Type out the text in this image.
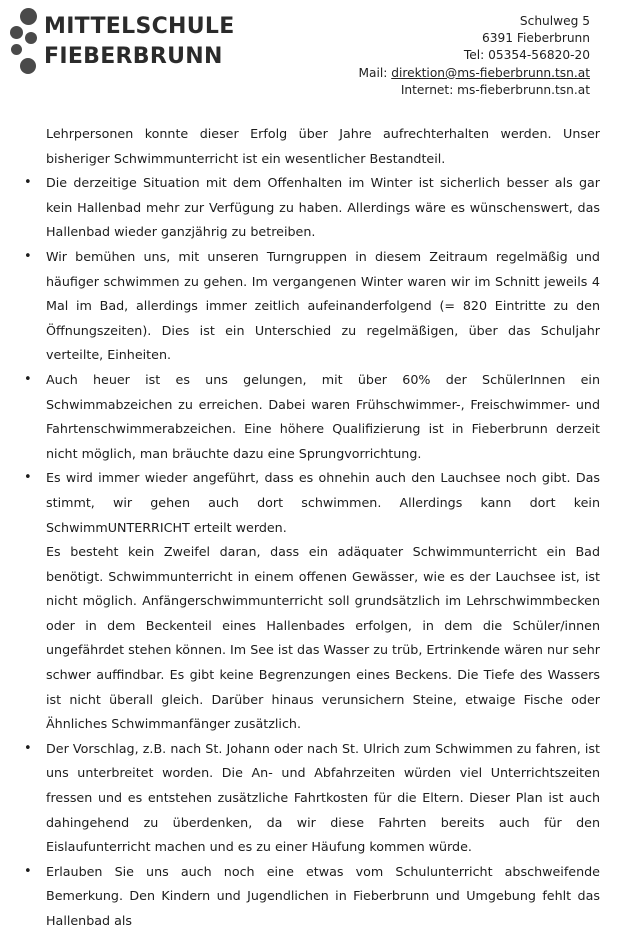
MITTELSCHULE
FIEBERBRUNN
Schulweg 5
6391 Fieberbrunn
Tel: 05354-56820-20
Mail: direktion@ms-fieberbrunn.tsn.at
Internet: ms-fieberbrunn.tsn.at

Lehrpersonen konnte dieser Erfolg über Jahre aufrechterhalten werden. Unser bisheriger Schwimmunterricht ist ein wesentlicher Bestandteil.

• Die derzeitige Situation mit dem Offenhalten im Winter ist sicherlich besser als gar kein Hallenbad mehr zur Verfügung zu haben. Allerdings wäre es wünschenswert, das Hallenbad wieder ganzjährig zu betreiben.

• Wir bemühen uns, mit unseren Turngruppen in diesem Zeitraum regelmäßig und häufiger schwimmen zu gehen. Im vergangenen Winter waren wir im Schnitt jeweils 4 Mal im Bad, allerdings immer zeitlich aufeinanderfolgend (= 820 Eintritte zu den Öffnungszeiten). Dies ist ein Unterschied zu regelmäßigen, über das Schuljahr verteilte, Einheiten.

• Auch heuer ist es uns gelungen, mit über 60% der SchülerInnen ein Schwimmabzeichen zu erreichen. Dabei waren Frühschwimmer-, Freischwimmer- und Fahrtenschwimmerabzeichen. Eine höhere Qualifizierung ist in Fieberbrunn derzeit nicht möglich, man bräuchte dazu eine Sprungvorrichtung.

• Es wird immer wieder angeführt, dass es ohnehin auch den Lauchsee noch gibt. Das stimmt, wir gehen auch dort schwimmen. Allerdings kann dort kein SchwimmUNTERRICHT erteilt werden.

Es besteht kein Zweifel daran, dass ein adäquater Schwimmunterricht ein Bad benötigt. Schwimmunterricht in einem offenen Gewässer, wie es der Lauchsee ist, ist nicht möglich. Anfängerschwimmunterricht soll grundsätzlich im Lehrschwimmbecken oder in dem Beckenteil eines Hallenbades erfolgen, in dem die Schüler/innen ungefährdet stehen können. Im See ist das Wasser zu trüb, Ertrinkende wären nur sehr schwer auffindbar. Es gibt keine Begrenzungen eines Beckens. Die Tiefe des Wassers ist nicht überall gleich. Darüber hinaus verunsichern Steine, etwaige Fische oder Ähnliches Schwimmanfänger zusätzlich.

• Der Vorschlag, z.B. nach St. Johann oder nach St. Ulrich zum Schwimmen zu fahren, ist uns unterbreitet worden. Die An- und Abfahrzeiten würden viel Unterrichtszeiten fressen und es entstehen zusätzliche Fahrtkosten für die Eltern. Dieser Plan ist auch dahingehend zu überdenken, da wir diese Fahrten bereits auch für den Eislaufunterricht machen und es zu einer Häufung kommen würde.

• Erlauben Sie uns auch noch eine etwas vom Schulunterricht abschweifende Bemerkung. Den Kindern und Jugendlichen in Fieberbrunn und Umgebung fehlt das Hallenbad als
